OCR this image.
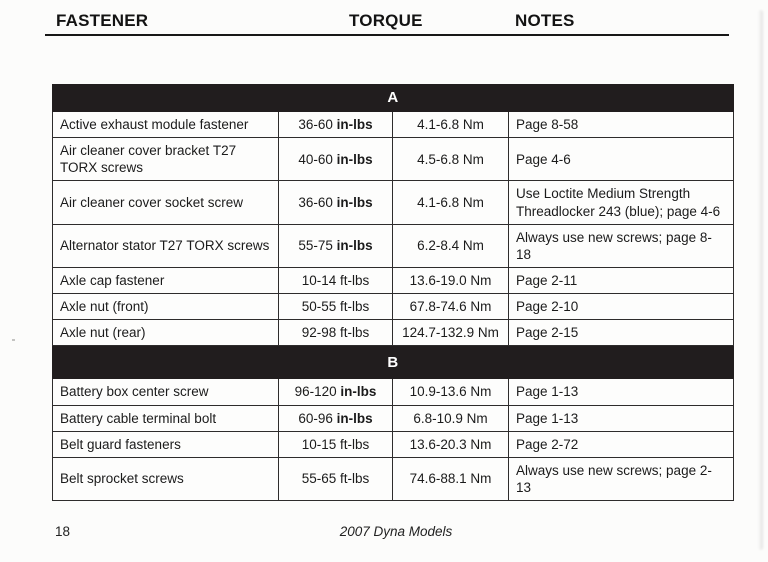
FASTENER	TORQUE	NOTES
A			
Active exhaust module fastener	36-60 in-lbs	4.1-6.8 Nm	Page 8-58
Air cleaner cover bracket T27 TORX screws	40-60 in-lbs	4.5-6.8 Nm	Page 4-6
Air cleaner cover socket screw	36-60 in-lbs	4.1-6.8 Nm	Use Loctite Medium Strength Threadlocker 243 (blue); page 4-6
Alternator stator T27 TORX screws	55-75 in-lbs	6.2-8.4 Nm	Always use new screws; page 8-18
Axle cap fastener	10-14 ft-lbs	13.6-19.0 Nm	Page 2-11
Axle nut (front)	50-55 ft-lbs	67.8-74.6 Nm	Page 2-10
Axle nut (rear)	92-98 ft-lbs	124.7-132.9 Nm	Page 2-15
B			
Battery box center screw	96-120 in-lbs	10.9-13.6 Nm	Page 1-13
Battery cable terminal bolt	60-96 in-lbs	6.8-10.9 Nm	Page 1-13
Belt guard fasteners	10-15 ft-lbs	13.6-20.3 Nm	Page 2-72
Belt sprocket screws	55-65 ft-lbs	74.6-88.1 Nm	Always use new screws; page 2-13
18	2007 Dyna Models
